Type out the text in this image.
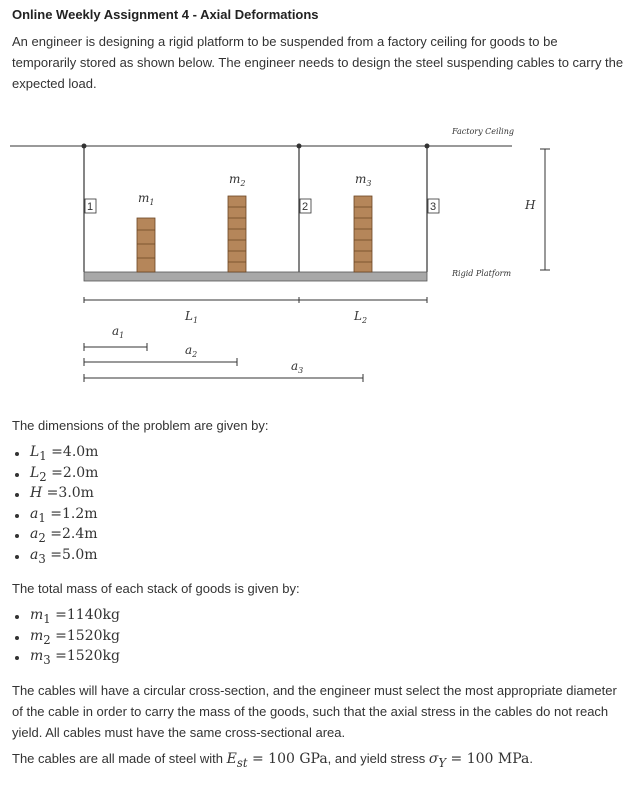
Online Weekly Assignment 4 - Axial Deformations
An engineer is designing a rigid platform to be suspended from a factory ceiling for goods to be temporarily stored as shown below. The engineer needs to design the steel suspending cables to carry the expected load.
Factory Ceiling
1	2	3
Rigid Platform
$m_1$
$m_2$	$m_3$
H
$L_1$	$L_2$
$a_1$
$a_2$
$a_3$
The dimensions of the problem are given by:
$L_1 =4.0m$
$L_2 =2.0m$
H =3.0m
$a_1 =1.2m$
$a_2 =2.4m$
$a_3 =5.0m$
The total mass of each stack of goods is given by:
$m_1 =1140kg$
$m_2 =1520kg$
$m_3 =1520kg$
The cables will have a circular cross-section, and the engineer must select the most appropriate diameter of the cable in order to carry the mass of the goods, such that the axial stress in the cables do not reach yield. All cables must have the same cross-sectional area.
The cables are all made of steel with $E_{st} = 100$ GPa, and yield stress $\sigma_Y = 100$ MPa.
